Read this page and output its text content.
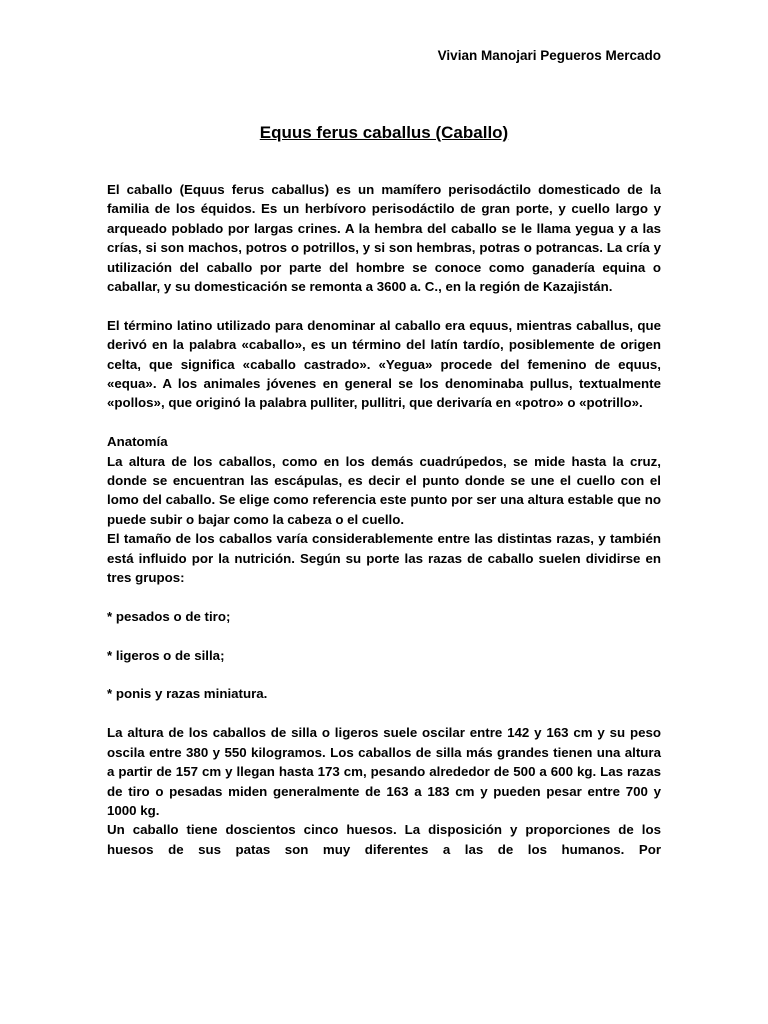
Vivian Manojari Pegueros Mercado
Equus ferus caballus (Caballo)

El caballo (Equus ferus caballus) es un mamífero perisodáctilo domesticado de la familia de los équidos. Es un herbívoro perisodáctilo de gran porte, y cuello largo y arqueado poblado por largas crines. A la hembra del caballo se le llama yegua y a las crías, si son machos, potros o potrillos, y si son hembras, potras o potrancas. La cría y utilización del caballo por parte del hombre se conoce como ganadería equina o caballar, y su domesticación se remonta a 3600 a. C., en la región de Kazajistán.

El término latino utilizado para denominar al caballo era equus, mientras caballus, que derivó en la palabra «caballo», es un término del latín tardío, posiblemente de origen celta, que significa «caballo castrado». «Yegua» procede del femenino de equus, «equa». A los animales jóvenes en general se los denominaba pullus, textualmente «pollos», que originó la palabra pulliter, pullitri, que derivaría en «potro» o «potrillo».

Anatomía

La altura de los caballos, como en los demás cuadrúpedos, se mide hasta la cruz, donde se encuentran las escápulas, es decir el punto donde se une el cuello con el lomo del caballo. Se elige como referencia este punto por ser una altura estable que no puede subir o bajar como la cabeza o el cuello.

El tamaño de los caballos varía considerablemente entre las distintas razas, y también está influido por la nutrición. Según su porte las razas de caballo suelen dividirse en tres grupos:

* pesados o de tiro;

* ligeros o de silla;

* ponis y razas miniatura.

La altura de los caballos de silla o ligeros suele oscilar entre 142 y 163 cm y su peso oscila entre 380 y 550 kilogramos. Los caballos de silla más grandes tienen una altura a partir de 157 cm y llegan hasta 173 cm, pesando alrededor de 500 a 600 kg. Las razas de tiro o pesadas miden generalmente de 163 a 183 cm y pueden pesar entre 700 y 1000 kg.

Un caballo tiene doscientos cinco huesos. La disposición y proporciones de los huesos de sus patas son muy diferentes a las de los humanos. Por
